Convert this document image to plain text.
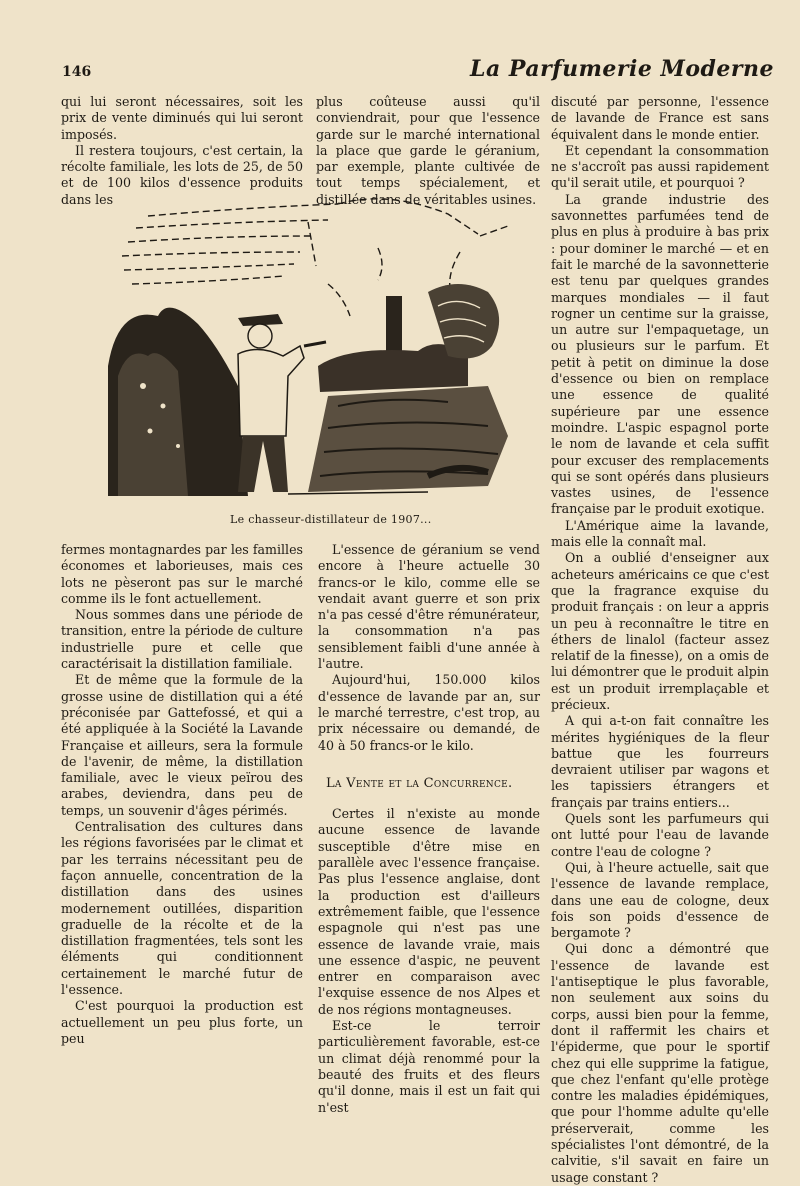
146	La Parfumerie Moderne

qui lui seront nécessaires, soit les prix de vente diminués qui lui seront imposés.

Il restera toujours, c'est certain, la récolte familiale, les lots de 25, de 50 et de 100 kilos d'essence produits dans les

plus coûteuse aussi qu'il conviendrait, pour que l'essence garde sur le marché international la place que garde le géranium, par exemple, plante cultivée de tout temps spécialement, et distillée dans de véritables usines.

Le chasseur-distillateur de 1907...

fermes montagnardes par les familles économes et laborieuses, mais ces lots ne pèseront pas sur le marché comme ils le font actuellement.

Nous sommes dans une période de transition, entre la période de culture industrielle pure et celle que caractérisait la distillation familiale.

Et de même que la formule de la grosse usine de distillation qui a été préconisée par Gattefossé, et qui a été appliquée à la Société la Lavande Française et ailleurs, sera la formule de l'avenir, de même, la distillation familiale, avec le vieux peïrou des arabes, deviendra, dans peu de temps, un souvenir d'âges périmés.

Centralisation des cultures dans les régions favorisées par le climat et par les terrains nécessitant peu de façon annuelle, concentration de la distillation dans des usines modernement outillées, disparition graduelle de la récolte et de la distillation fragmentées, tels sont les éléments qui conditionnent certainement le marché futur de l'essence.

C'est pourquoi la production est actuellement un peu plus forte, un peu

L'essence de géranium se vend encore à l'heure actuelle 30 francs-or le kilo, comme elle se vendait avant guerre et son prix n'a pas cessé d'être rémunérateur, la consommation n'a pas sensiblement faibli d'une année à l'autre.

Aujourd'hui, 150.000 kilos d'essence de lavande par an, sur le marché terrestre, c'est trop, au prix nécessaire ou demandé, de 40 à 50 francs-or le kilo.

La Vente et la Concurrence.

Certes il n'existe au monde aucune essence de lavande susceptible d'être mise en parallèle avec l'essence française. Pas plus l'essence anglaise, dont la production est d'ailleurs extrêmement faible, que l'essence espagnole qui n'est pas une essence de lavande vraie, mais une essence d'aspic, ne peuvent entrer en comparaison avec l'exquise essence de nos Alpes et de nos régions montagneuses.

Est-ce le terroir particulièrement favorable, est-ce un climat déjà renommé pour la beauté des fruits et des fleurs qu'il donne, mais il est un fait qui n'est

discuté par personne, l'essence de lavande de France est sans équivalent dans le monde entier.

Et cependant la consommation ne s'accroît pas aussi rapidement qu'il serait utile, et pourquoi ?

La grande industrie des savonnettes parfumées tend de plus en plus à produire à bas prix : pour dominer le marché — et en fait le marché de la savonnetterie est tenu par quelques grandes marques mondiales — il faut rogner un centime sur la graisse, un autre sur l'empaquetage, un ou plusieurs sur le parfum. Et petit à petit on diminue la dose d'essence ou bien on remplace une essence de qualité supérieure par une essence moindre. L'aspic espagnol porte le nom de lavande et cela suffit pour excuser des remplacements qui se sont opérés dans plusieurs vastes usines, de l'essence française par le produit exotique.

L'Amérique aime la lavande, mais elle la connaît mal.

On a oublié d'enseigner aux acheteurs américains ce que c'est que la fragrance exquise du produit français : on leur a appris un peu à reconnaître le titre en éthers de linalol (facteur assez relatif de la finesse), on a omis de lui démontrer que le produit alpin est un produit irremplaçable et précieux.

A qui a-t-on fait connaître les mérites hygiéniques de la fleur battue que les fourreurs devraient utiliser par wagons et les tapissiers étrangers et français par trains entiers...

Quels sont les parfumeurs qui ont lutté pour l'eau de lavande contre l'eau de cologne ?

Qui, à l'heure actuelle, sait que l'essence de lavande remplace, dans une eau de cologne, deux fois son poids d'essence de bergamote ?

Qui donc a démontré que l'essence de lavande est l'antiseptique le plus favorable, non seulement aux soins du corps, aussi bien pour la femme, dont il raffermit les chairs et l'épiderme, que pour le sportif chez qui elle supprime la fatigue, que chez l'enfant qu'elle protège contre les maladies épidémiques, que pour l'homme adulte qu'elle préserverait, comme les spécialistes l'ont démontré, de la calvitie, s'il savait en faire un usage constant ?
